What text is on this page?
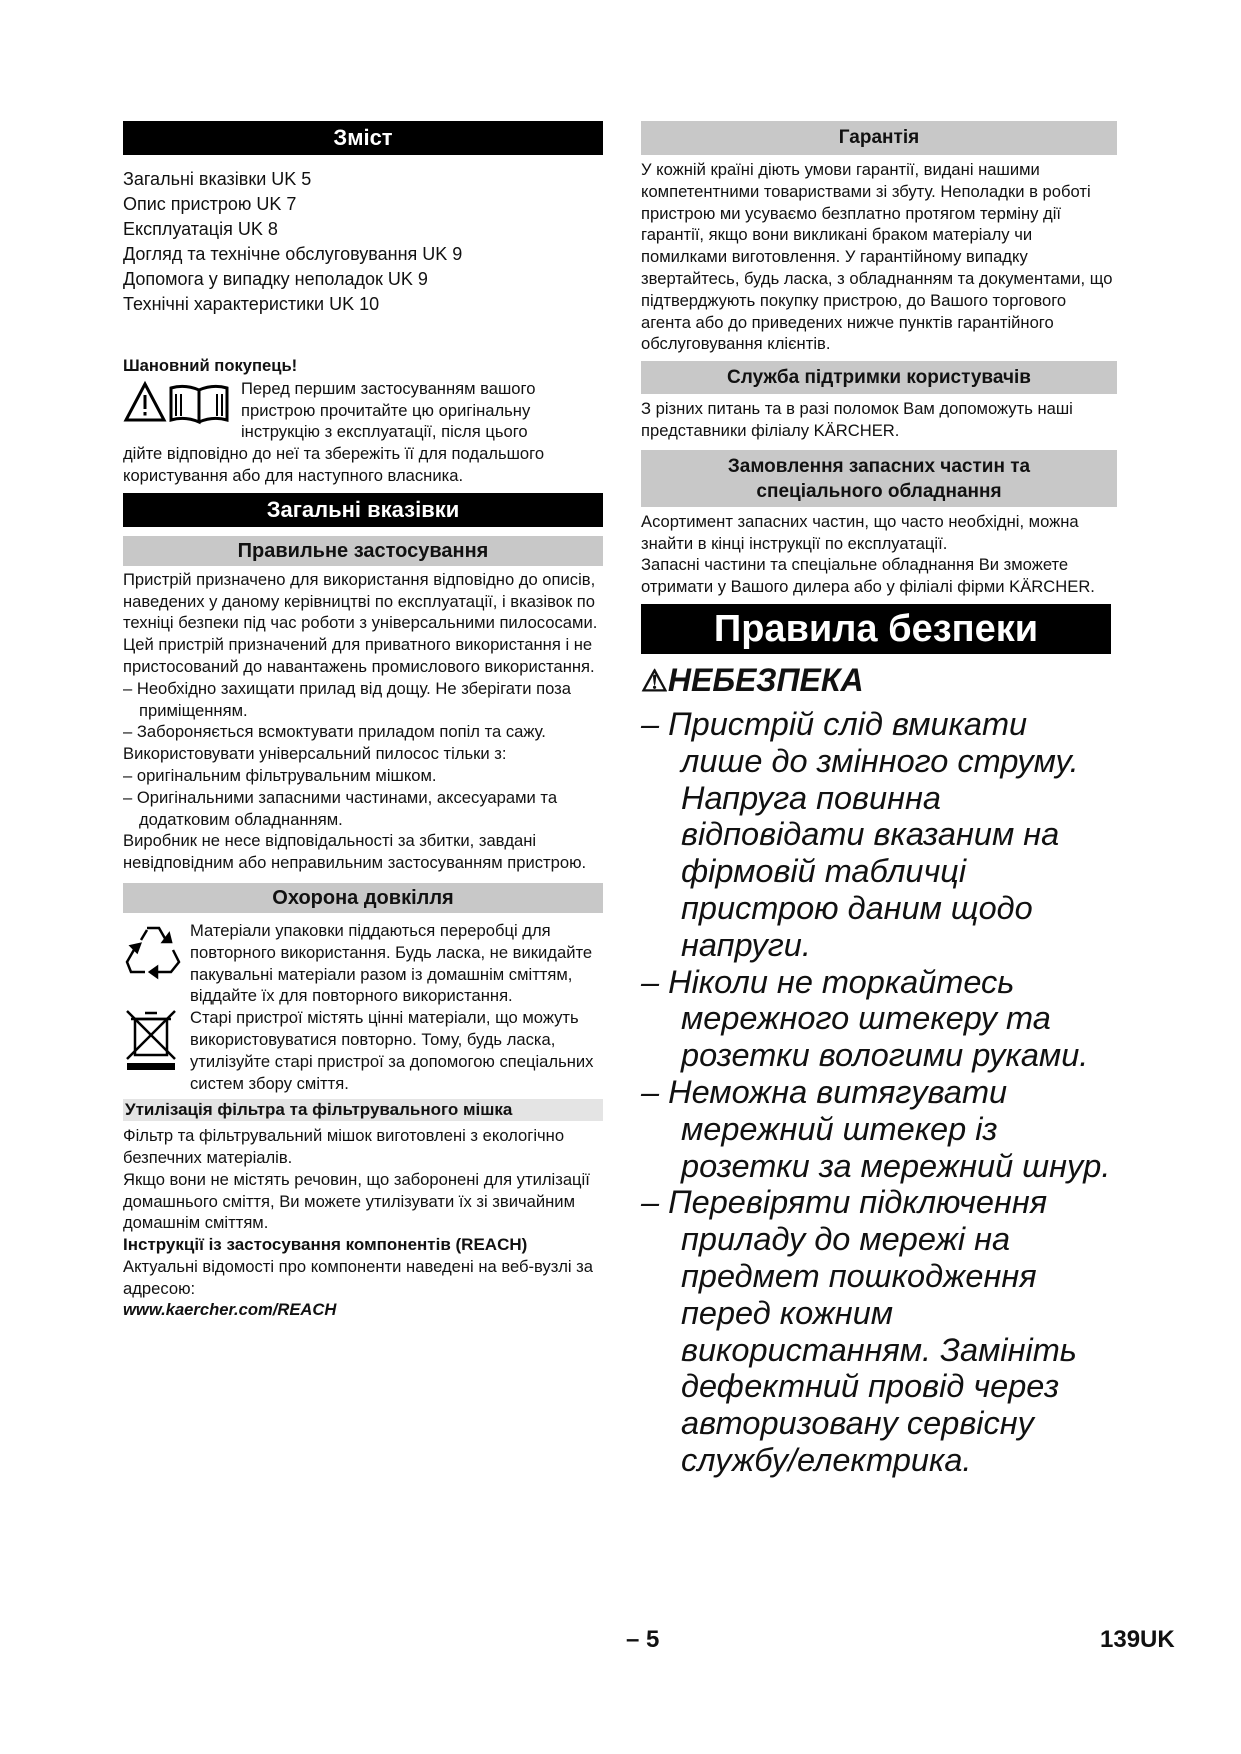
Зміст
Загальні вказівки UK 5
Опис пристрою UK 7
Експлуатація UK 8
Догляд та технічне обслуговування UK 9
Допомога у випадку неполадок UK 9
Технічні характеристики UK 10
Шановний покупець!
Перед першим застосуванням вашого
пристрою прочитайте цю оригінальну
інструкцію з експлуатації, після цього
дійте відповідно до неї та збережіть її для подальшого користування або для наступного власника.
Загальні вказівки
Правильне застосування
Пристрій призначено для використання відповідно до описів, наведених у даному керівництві по експлуатації, і вказівок по техніці безпеки під час роботи з універсальними пилососами.
Цей пристрій призначений для приватного використання і не пристосований до навантажень промислового використання.
– Необхідно захищати прилад від дощу. Не зберігати поза приміщенням.
– Забороняється всмоктувати приладом попіл та сажу.
Використовувати універсальний пилосос тільки з:
– оригінальним фільтрувальним мішком.
– Оригінальними запасними частинами, аксесуарами та додатковим обладнанням.
Виробник не несе відповідальності за збитки, завдані невідповідним або неправильним застосуванням пристрою.
Охорона довкілля
Матеріали упаковки піддаються переробці для повторного використання. Будь ласка, не викидайте пакувальні матеріали разом із домашнім сміттям, віддайте їх для повторного використання.
Старі пристрої містять цінні матеріали, що можуть використовуватися повторно. Тому, будь ласка, утилізуйте старі пристрої за допомогою спеціальних систем збору сміття.
Утилізація фільтра та фільтрувального мішка
Фільтр та фільтрувальний мішок виготовлені з екологічно безпечних матеріалів.
Якщо вони не містять речовин, що заборонені для утилізації домашнього сміття, Ви можете утилізувати їх зі звичайним домашнім сміттям.
Інструкції із застосування компонентів (REACH)
Актуальні відомості про компоненти наведені на веб-вузлі за адресою:
www.kaercher.com/REACH
Гарантія
У кожній країні діють умови гарантії, видані нашими компетентними товариствами зі збуту. Неполадки в роботі пристрою ми усуваємо безплатно протягом терміну дії гарантії, якщо вони викликані браком матеріалу чи помилками виготовлення. У гарантійному випадку звертайтесь, будь ласка, з обладнанням та документами, що підтверджують покупку пристрою, до Вашого торгового агента або до приведених нижче пунктів гарантійного обслуговування клієнтів.
Служба підтримки користувачів
З різних питань та в разі поломок Вам допоможуть наші представники філіалу KÄRCHER.
Замовлення запасних частин та
спеціального обладнання
Асортимент запасних частин, що часто необхідні, можна знайти в кінці інструкції по експлуатації.
Запасні частини та спеціальне обладнання Ви зможете отримати у Вашого дилера або у філіалі фірми KÄRCHER.
Правила безпеки
⚠НЕБЕЗПЕКА
– Пристрій слід вмикати лише до змінного струму. Напруга повинна відповідати вказаним на фірмовій табличці пристрою даним щодо напруги.
– Ніколи не торкайтесь мережного штекеру та розетки вологими руками.
– Неможна витягувати мережний штекер із розетки за мережний шнур.
– Перевіряти підключення приладу до мережі на предмет пошкодження перед кожним використанням. Замініть дефектний провід через авторизовану сервісну службу/електрика.
– 5	139UK
